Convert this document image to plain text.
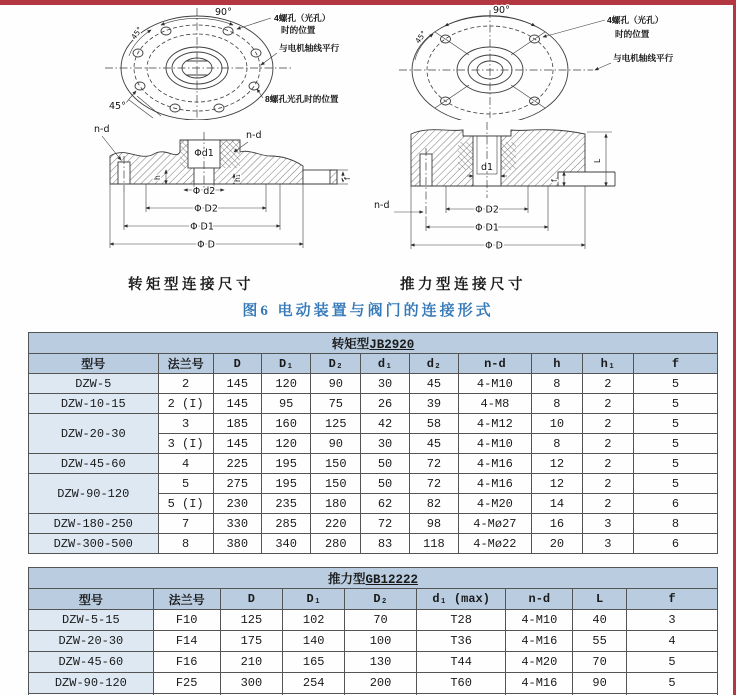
90°
45°
45°
4螺孔（光孔）
时的位置
与电机轴线平行
8螺孔光孔时的位置
90°
45°
4螺孔（光孔）
时的位置
与电机轴线平行
n-d
n-d
Φd1
Φ d2
Φ D2
Φ D1
Φ D
h	h₁	f
n-d
d1
Φ D2
Φ D1
Φ D
L
f
转矩型连接尺寸	推力型连接尺寸
图6 电动装置与阀门的连接形式
转矩型JB2920										
型号	法兰号	D	D₁	D₂	d₁	d₂	n-d	h	h₁	f
DZW-5	2	145	120	90	30	45	4-M10	8	2	5
DZW-10-15	2 (I)	145	95	75	26	39	4-M8	8	2	5
DZW-20-30	3	185	160	125	42	58	4-M12	10	2	5
	3 (I)	145	120	90	30	45	4-M10	8	2	5
DZW-45-60	4	225	195	150	50	72	4-M16	12	2	5
DZW-90-120	5	275	195	150	50	72	4-M16	12	2	5
	5 (I)	230	235	180	62	82	4-M20	14	2	6
DZW-180-250	7	330	285	220	72	98	4-Mø27	16	3	8
DZW-300-500	8	380	340	280	83	118	4-Mø22	20	3	6
推力型GB12222								
型号	法兰号	D	D₁	D₂	d₁ (max)	n-d	L	f
DZW-5-15	F10	125	102	70	T28	4-M10	40	3
DZW-20-30	F14	175	140	100	T36	4-M16	55	4
DZW-45-60	F16	210	165	130	T44	4-M20	70	5
DZW-90-120	F25	300	254	200	T60	4-M16	90	5
